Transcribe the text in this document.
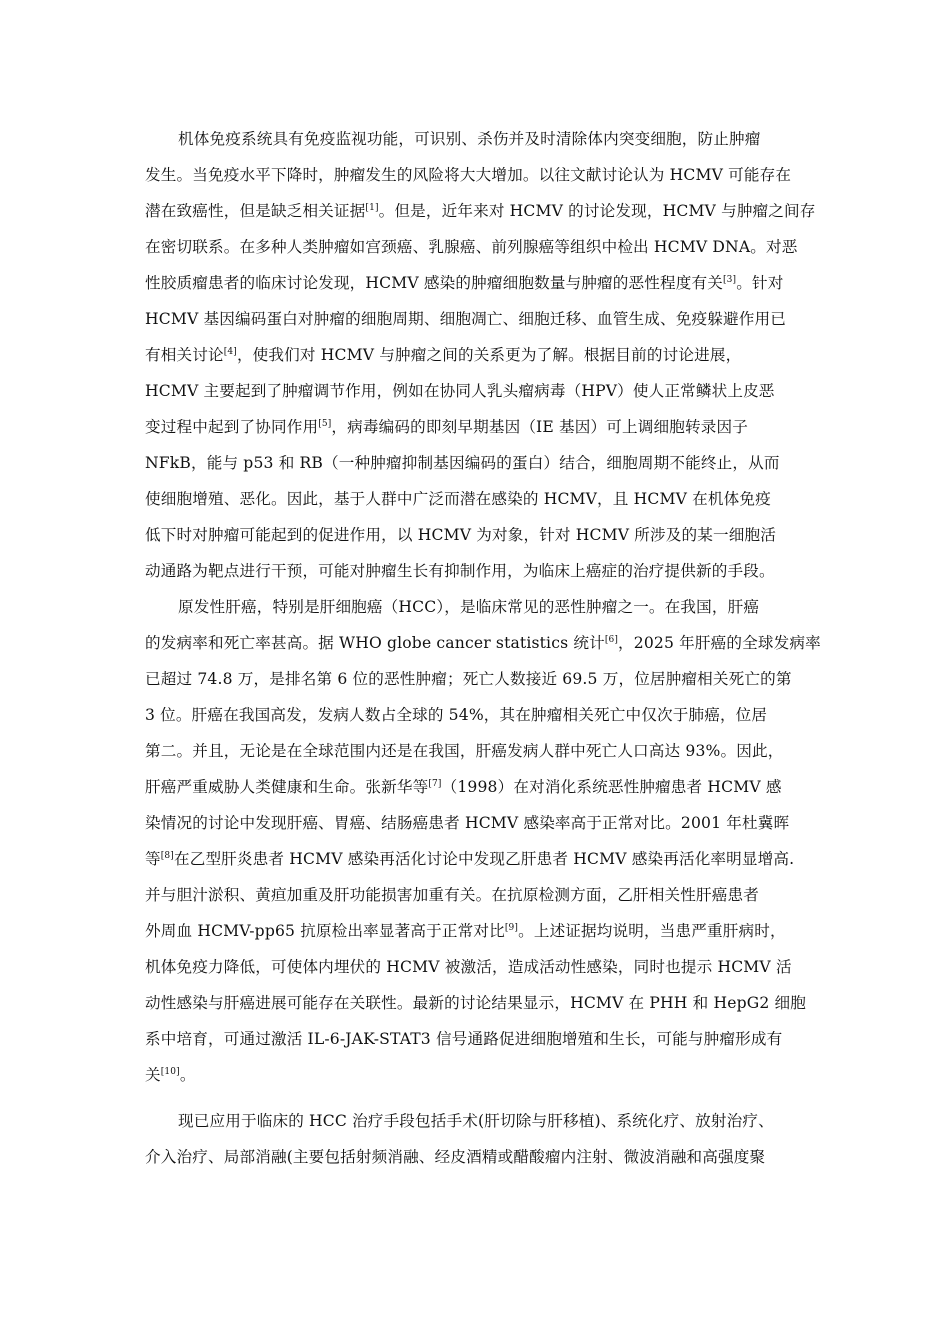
机体免疫系统具有免疫监视功能，可识别、杀伤并及时清除体内突变细胞，防止肿瘤
发生。当免疫水平下降时，肿瘤发生的风险将大大增加。以往文献讨论认为 HCMV 可能存在
潜在致癌性，但是缺乏相关证据[1]。但是，近年来对 HCMV 的讨论发现，HCMV 与肿瘤之间存
在密切联系。在多种人类肿瘤如宫颈癌、乳腺癌、前列腺癌等组织中检出 HCMV DNA。对恶
性胶质瘤患者的临床讨论发现，HCMV 感染的肿瘤细胞数量与肿瘤的恶性程度有关[3]。针对
HCMV 基因编码蛋白对肿瘤的细胞周期、细胞凋亡、细胞迁移、血管生成、免疫躲避作用已
有相关讨论[4]，使我们对 HCMV 与肿瘤之间的关系更为了解。根据目前的讨论进展，
HCMV 主要起到了肿瘤调节作用，例如在协同人乳头瘤病毒（HPV）使人正常鳞状上皮恶
变过程中起到了协同作用[5]，病毒编码的即刻早期基因（IE 基因）可上调细胞转录因子
NFkB，能与 p53 和 RB（一种肿瘤抑制基因编码的蛋白）结合，细胞周期不能终止，从而
使细胞增殖、恶化。因此，基于人群中广泛而潜在感染的 HCMV，且 HCMV 在机体免疫
低下时对肿瘤可能起到的促进作用，以 HCMV 为对象，针对 HCMV 所涉及的某一细胞活
动通路为靶点进行干预，可能对肿瘤生长有抑制作用，为临床上癌症的治疗提供新的手段。
原发性肝癌，特别是肝细胞癌（HCC），是临床常见的恶性肿瘤之一。在我国，肝癌
的发病率和死亡率甚高。据 WHO globe cancer statistics 统计[6]，2025 年肝癌的全球发病率
已超过 74.8 万，是排名第 6 位的恶性肿瘤；死亡人数接近 69.5 万，位居肿瘤相关死亡的第
3 位。肝癌在我国高发，发病人数占全球的 54%，其在肿瘤相关死亡中仅次于肺癌，位居
第二。并且，无论是在全球范围内还是在我国，肝癌发病人群中死亡人口高达 93%。因此，
肝癌严重威胁人类健康和生命。张新华等[7]（1998）在对消化系统恶性肿瘤患者 HCMV 感
染情况的讨论中发现肝癌、胃癌、结肠癌患者 HCMV 感染率高于正常对比。2001 年杜冀晖
等[8]在乙型肝炎患者 HCMV 感染再活化讨论中发现乙肝患者 HCMV 感染再活化率明显增高.
并与胆汁淤积、黄疸加重及肝功能损害加重有关。在抗原检测方面，乙肝相关性肝癌患者
外周血 HCMV-pp65 抗原检出率显著高于正常对比[9]。上述证据均说明，当患严重肝病时，
机体免疫力降低，可使体内埋伏的 HCMV 被激活，造成活动性感染，同时也提示 HCMV 活
动性感染与肝癌进展可能存在关联性。最新的讨论结果显示，HCMV 在 PHH 和 HepG2 细胞
系中培育，可通过激活 IL-6-JAK-STAT3 信号通路促进细胞增殖和生长，可能与肿瘤形成有
关[10]。
现已应用于临床的 HCC 治疗手段包括手术(肝切除与肝移植)、系统化疗、放射治疗、
介入治疗、局部消融(主要包括射频消融、经皮酒精或醋酸瘤内注射、微波消融和高强度聚
